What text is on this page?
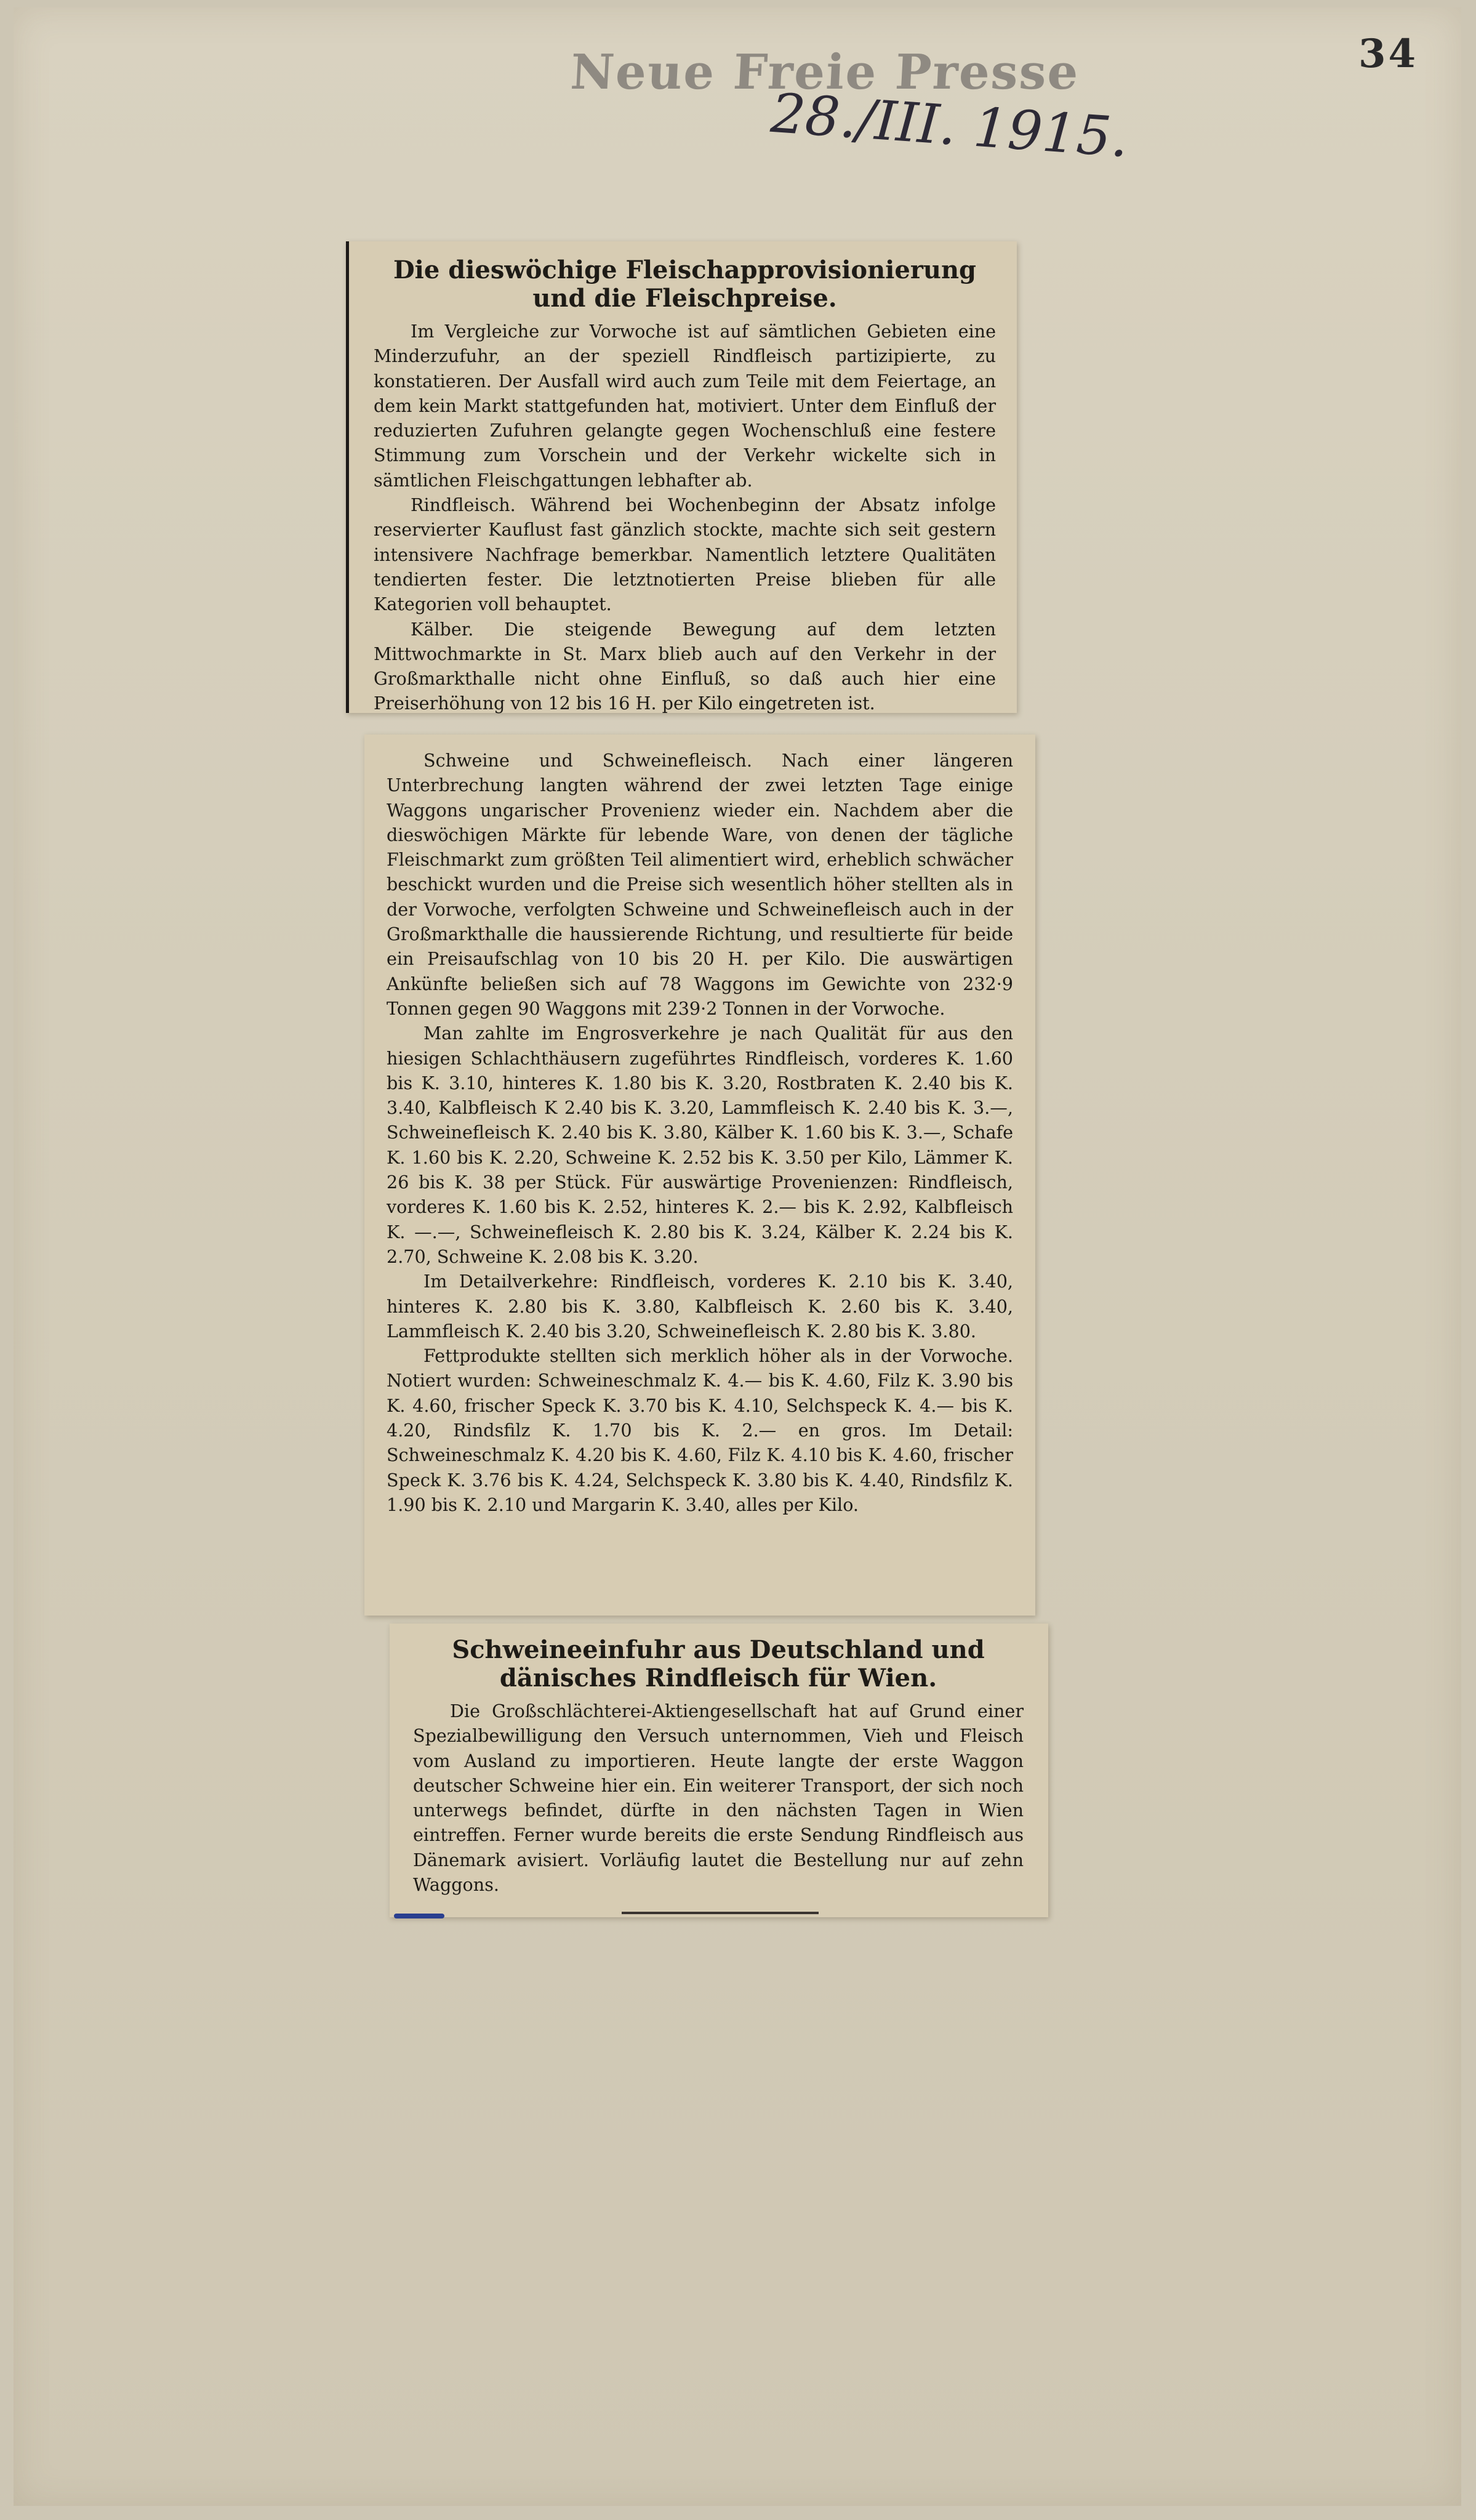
34
Neue Freie Presse
28./III. 1915.
Die dieswöchige Fleischapprovisionierung und die Fleischpreise.

Im Vergleiche zur Vorwoche ist auf sämtlichen Gebieten eine Minderzufuhr, an der speziell Rindfleisch partizipierte, zu konstatieren. Der Ausfall wird auch zum Teile mit dem Feiertage, an dem kein Markt stattgefunden hat, motiviert. Unter dem Einfluß der reduzierten Zufuhren gelangte gegen Wochenschluß eine festere Stimmung zum Vorschein und der Verkehr wickelte sich in sämtlichen Fleischgattungen lebhafter ab.

Rindfleisch. Während bei Wochenbeginn der Absatz infolge reservierter Kauflust fast gänzlich stockte, machte sich seit gestern intensivere Nachfrage bemerkbar. Namentlich letztere Qualitäten tendierten fester. Die letztnotierten Preise blieben für alle Kategorien voll behauptet.

Kälber. Die steigende Bewegung auf dem letzten Mittwochmarkte in St. Marx blieb auch auf den Verkehr in der Großmarkthalle nicht ohne Einfluß, so daß auch hier eine Preiserhöhung von 12 bis 16 H. per Kilo eingetreten ist.

Schweine und Schweinefleisch. Nach einer längeren Unterbrechung langten während der zwei letzten Tage einige Waggons ungarischer Provenienz wieder ein. Nachdem aber die dieswöchigen Märkte für lebende Ware, von denen der tägliche Fleischmarkt zum größten Teil alimentiert wird, erheblich schwächer beschickt wurden und die Preise sich wesentlich höher stellten als in der Vorwoche, verfolgten Schweine und Schweinefleisch auch in der Großmarkthalle die haussierende Richtung, und resultierte für beide ein Preisaufschlag von 10 bis 20 H. per Kilo. Die auswärtigen Ankünfte beließen sich auf 78 Waggons im Gewichte von 232·9 Tonnen gegen 90 Waggons mit 239·2 Tonnen in der Vorwoche.

Man zahlte im Engrosverkehre je nach Qualität für aus den hiesigen Schlachthäusern zugeführtes Rindfleisch, vorderes K. 1.60 bis K. 3.10, hinteres K. 1.80 bis K. 3.20, Rostbraten K. 2.40 bis K. 3.40, Kalbfleisch K 2.40 bis K. 3.20, Lammfleisch K. 2.40 bis K. 3.—, Schweinefleisch K. 2.40 bis K. 3.80, Kälber K. 1.60 bis K. 3.—, Schafe K. 1.60 bis K. 2.20, Schweine K. 2.52 bis K. 3.50 per Kilo, Lämmer K. 26 bis K. 38 per Stück. Für auswärtige Provenienzen: Rindfleisch, vorderes K. 1.60 bis K. 2.52, hinteres K. 2.— bis K. 2.92, Kalbfleisch K. —.—, Schweinefleisch K. 2.80 bis K. 3.24, Kälber K. 2.24 bis K. 2.70, Schweine K. 2.08 bis K. 3.20.

Im Detailverkehre: Rindfleisch, vorderes K. 2.10 bis K. 3.40, hinteres K. 2.80 bis K. 3.80, Kalbfleisch K. 2.60 bis K. 3.40, Lammfleisch K. 2.40 bis 3.20, Schweinefleisch K. 2.80 bis K. 3.80.

Fettprodukte stellten sich merklich höher als in der Vorwoche. Notiert wurden: Schweineschmalz K. 4.— bis K. 4.60, Filz K. 3.90 bis K. 4.60, frischer Speck K. 3.70 bis K. 4.10, Selchspeck K. 4.— bis K. 4.20, Rindsfilz K. 1.70 bis K. 2.— en gros. Im Detail: Schweineschmalz K. 4.20 bis K. 4.60, Filz K. 4.10 bis K. 4.60, frischer Speck K. 3.76 bis K. 4.24, Selchspeck K. 3.80 bis K. 4.40, Rindsfilz K. 1.90 bis K. 2.10 und Margarin K. 3.40, alles per Kilo.

Schweineeinfuhr aus Deutschland und dänisches Rindfleisch für Wien.

Die Großschlächterei-Aktiengesellschaft hat auf Grund einer Spezialbewilligung den Versuch unternommen, Vieh und Fleisch vom Ausland zu importieren. Heute langte der erste Waggon deutscher Schweine hier ein. Ein weiterer Transport, der sich noch unterwegs befindet, dürfte in den nächsten Tagen in Wien eintreffen. Ferner wurde bereits die erste Sendung Rindfleisch aus Dänemark avisiert. Vorläufig lautet die Bestellung nur auf zehn Waggons.
